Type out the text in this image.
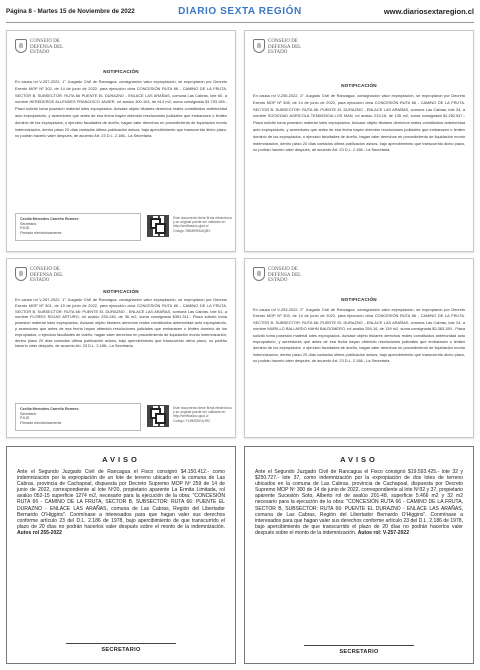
Página 8 - Martes 15 de Noviembre de 2022	DIARIO SEXTA REGIÓN	www.diariosextaregion.cl
CONSEJO DE
DEFENSA DEL
ESTADO
NOTIFICACIÓN
En causa rol V-257-2022, 1° Juzgado Civil de Rancagua, consignación valor expropiación, se expropiaron por Decreto Exento MOP Nº 302, de 14 de junio de 2022, para ejecución obra CONCESIÓN RUTA 66 - CAMINO DE LA FRUTA. SECTOR B. SUBSECTOR: RUTA 66 PUENTE EL DURAZNO - ENLACE LAS ARAÑAS, comuna Las Cabras, lote 60, a nombre HEREDEROS ALLENDES FRANCISCO JAVIER, rol avalúo 300-104, de 614 m2, suma consignada $1.793.155.- Plazo solicitó toma posesión material lotes expropiados. Avísase objeto titulares derechos reales constituidos anterioridad acto expropiatorio, y acreedores que antes de esa fecha hayan obtenido resoluciones judiciales que embaracen o limiten dominio de los expropiados, o ejercicio facultades de dueño, hagan valer derechos en procedimiento de liquidación monto indemnización, dentro plazo 20 días contados última publicación avisos, bajo apercibimiento que transcurrido dicho plazo, no podrán hacerlo valer después, de acuerdo Art. 23 D.L. 2.186.- La Secretaria.
Cecilia Mercedes Carreño Romero
Secretario
PJUD
Firmado electrónicamente
Este documento tiene firma electrónica
y su original puede ser validado en
http://verificadoc.pjud.cl
Código: RBMIRBKAQBV
CONSEJO DE
DEFENSA DEL
ESTADO
NOTIFICACIÓN
En causa rol V-255-2022, 2° Juzgado Civil de Rancagua, consignación valor expropiación, se expropiaron por Decreto Exento MOP Nº 308, de 14 de junio de 2022, para ejecución obra CONCESIÓN RUTA 66 - CAMINO DE LA FRUTA. SECTOR B. SUBSECTOR: RUTA 66: PUENTE EL DURAZNO - ENLACE LAS ARAÑAS, comuna Las Cabras, lote 34, a nombre SOCIEDAD AGRÍCOLA TENDENCIA LOS MAN, rol avalúo 213-18, de 135 m2, suma consignada $1.262.547.- Plaza solicitó toma posesión material lotes expropiados. Avísase objeto titulares derechos reales constituidos anterioridad acto expropiatorio, y acreedores que antes de esa fecha hayan obtenido resoluciones judiciales que embaracen o limiten dominio de los expropiados, o ejercicio facultades de dueño, hagan valer derechos en procedimiento de liquidación monto indemnización, dentro plazo 20 días contados última publicación avisos, bajo apercibimiento que transcurrido dicho plazo, no podrán hacerlo valer después, de acuerdo Art. 23 D.L. 2.186.- La Secretaria.
CONSEJO DE
DEFENSA DEL
ESTADO
NOTIFICACIÓN
En causa rol V-267-2022, 1° Juzgado Civil de Rancagua, consignación valor expropiación, se expropiaron por Decreto Exento MOP Nº 301, de 15 de junio de 2022, para ejecución obra CONCESIÓN RUTA 66 - CAMINO DE LA FRUTA. SECTOR B. SUBSECTOR: RUTA 66: PUENTE EL DURAZNO - ENLACE LAS ARAÑAS, comuna Las Cabras, lote 61, a nombre FLORES ROJAS ARTURO, rol avalúo 235-145, de 36 m2, suma consignada $391.311.- Plaza solicitó toma posesión material lotes expropiados. Avísase objeto titulares derechos reales constituidos anterioridad acto expropiatorio, y acreedores que antes de esa fecha hayan obtenido resoluciones judiciales que embaracen o limiten dominio de los expropiados, o ejercicio facultades de dueño, hagan valer derechos en procedimiento de liquidación monto indemnización, dentro plazo 20 días contados última publicación avisos, bajo apercibimiento que transcurrido dicho plazo, no podrán hacerlo valer después, de acuerdo Art. 23 D.L. 2.186.- La Secretaria.
Cecilia Mercedes Carreño Romero
Secretario
PJUD
Firmado electrónicamente
Este documento tiene firma electrónica
y su original puede ser validado en
http://verificadoc.pjud.cl
Código: FLBMSDKAJRC
CONSEJO DE
DEFENSA DEL
ESTADO
NOTIFICACIÓN
En causa rol V-253-2022, 2° Juzgado Civil de Rancagua, consignación valor expropiación, se expropiaron por Decreto Exento MOP Nº 303, de 14 de junio de 2022, para ejecución obra CONCESIÓN RUTA 66 - CAMINO DE LA FRUTA. SECTOR B. SUBSECTOR: RUTA 66: PUENTE EL DURAZNO - ENLACE LAS ARAÑAS, comuna Las Cabras, lote 24, a nombre MURILLO BALLARDO HAHN BALDOMERO, rol avalúo 259-16, de 139 m2, suma consignada $3.383.159.- Plaza solicitó toma posesión material lotes expropiados. Avísase objeto titulares derechos reales constituidos anterioridad acto expropiatorio, y acreedores que antes de esa fecha hayan obtenido resoluciones judiciales que embaracen o limiten dominio de los expropiados, o ejercicio facultades de dueño, hagan valer derechos en procedimiento de liquidación monto indemnización, dentro plazo 20 días contados última publicación avisos, bajo apercibimiento que transcurrido dicho plazo, no podrán hacerlo valer después, de acuerdo Art. 23 D.L. 2.186.- La Secretaria.
AVISO
Ante el Segundo Juzgado Civil de Rancagua el Fisco consignó $4.150.412.- como indemnización por la expropiación de un lote de terreno ubicado en la comuna de Las Cabras, provincia de Cachapoal, dispuesta por Decreto Supremo MOP Nº 259 de 14 de junio de 2022, correspondiente al lote Nº20, propietario aparente La Ermita Limitada, rol avalúo 052-15 superficie 1274 m2, necesario para la ejecución de la obra: "CONCESIÓN RUTA 66 - CAMINO DE LA FRUTA, SECTOR B, SUBSECTOR: RUTA 66: PUENTE EL DURAZNO - ENLACE LAS ARAÑAS, comuna de Las Cabras, Región del Libertador Bernardo O'Higgins". Conmínase a interesados para que hagan valer sus derechos conforme artículo 23 del D.L. 2.186 de 1978, bajo apercibimiento de que transcurrido el plazo de 20 días no podrán hacerlos valer después sobre el monto de la indemnización. Autos rol 255-2022
SECRETARIO
AVISO
Ante el Segundo Juzgado Civil de Rancagua el Fisco consignó $19.593.425.- lote 32 y $250.727.- lote 37, como indemnización por la expropiación de dos lotes de terreno ubicados en la comuna de Las Cabras, provincia de Cachapoal, dispuesta por Decreto Supremo MOP Nº 300 de 14 de junio de 2022, correspondiente al lote Nº32 y 37, propietario aparente Sucesión Soto, Alberto rol de avalúo 201-48, superficie 5.466 m2 y 32 m2 necesario para la ejecución de la obra: "CONCESIÓN RUTA 66 - CAMINO DE LA FRUTA, SECTOR B, SUBSECTOR: RUTA 66: PUENTE EL DURAZNO - ENLACE LAS ARAÑAS, comuna de Las Cabras, Región del Libertador Bernardo O'Higgins". Conmínase a interesados para que hagan valer sus derechos conforme artículo 23 del D.L. 2.186 de 1978, bajo apercibimiento de que transcurrido el plazo de 20 días no podrán hacerlos valer después sobre el monto de la indemnización. Autos rol: V-257-2022
SECRETARIO
